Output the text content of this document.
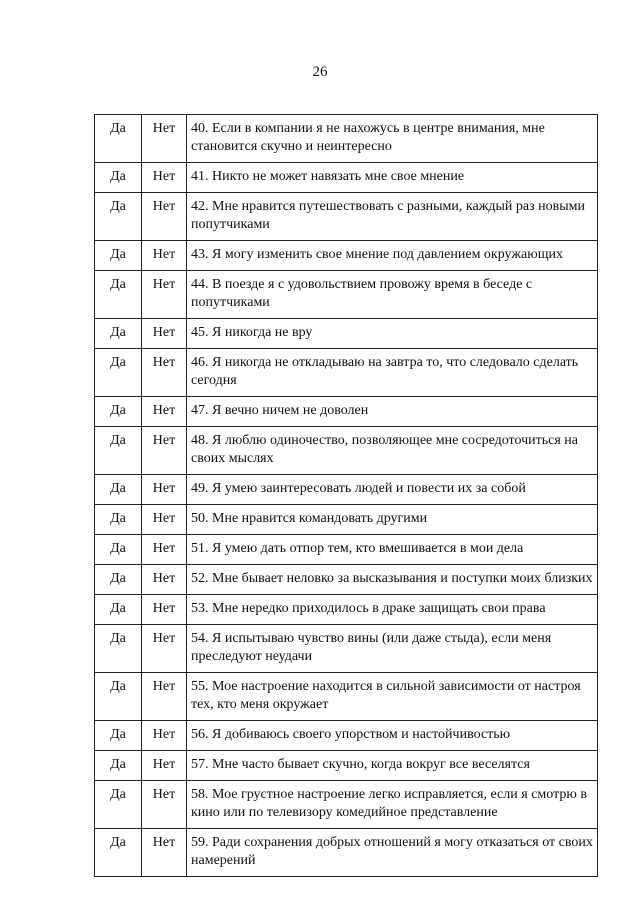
26
Да	Нет	40. Если в компании я не нахожусь в центре внимания, мне становится скучно и неинтересно
Да	Нет	41. Никто не может навязать мне свое мнение
Да	Нет	42. Мне нравится путешествовать с разными, каждый раз новыми попутчиками
Да	Нет	43. Я могу изменить свое мнение под давлением окружающих
Да	Нет	44. В поезде я с удовольствием провожу время в беседе с попутчиками
Да	Нет	45. Я никогда не вру
Да	Нет	46. Я никогда не откладываю на завтра то, что следовало сделать сегодня
Да	Нет	47. Я вечно ничем не доволен
Да	Нет	48. Я люблю одиночество, позволяющее мне сосредоточиться на своих мыслях
Да	Нет	49. Я умею заинтересовать людей и повести их за собой
Да	Нет	50. Мне нравится командовать другими
Да	Нет	51. Я умею дать отпор тем, кто вмешивается в мои дела
Да	Нет	52. Мне бывает неловко за высказывания и поступки моих близких
Да	Нет	53. Мне нередко приходилось в драке защищать свои права
Да	Нет	54. Я испытываю чувство вины (или даже стыда), если меня преследуют неудачи
Да	Нет	55. Мое настроение находится в сильной зависимости от настроя тех, кто меня окружает
Да	Нет	56. Я добиваюсь своего упорством и настойчивостью
Да	Нет	57. Мне часто бывает скучно, когда вокруг все веселятся
Да	Нет	58. Мое грустное настроение легко исправляется, если я смотрю в кино или по телевизору комедийное представление
Да	Нет	59. Ради сохранения добрых отношений я могу отказаться от своих намерений
